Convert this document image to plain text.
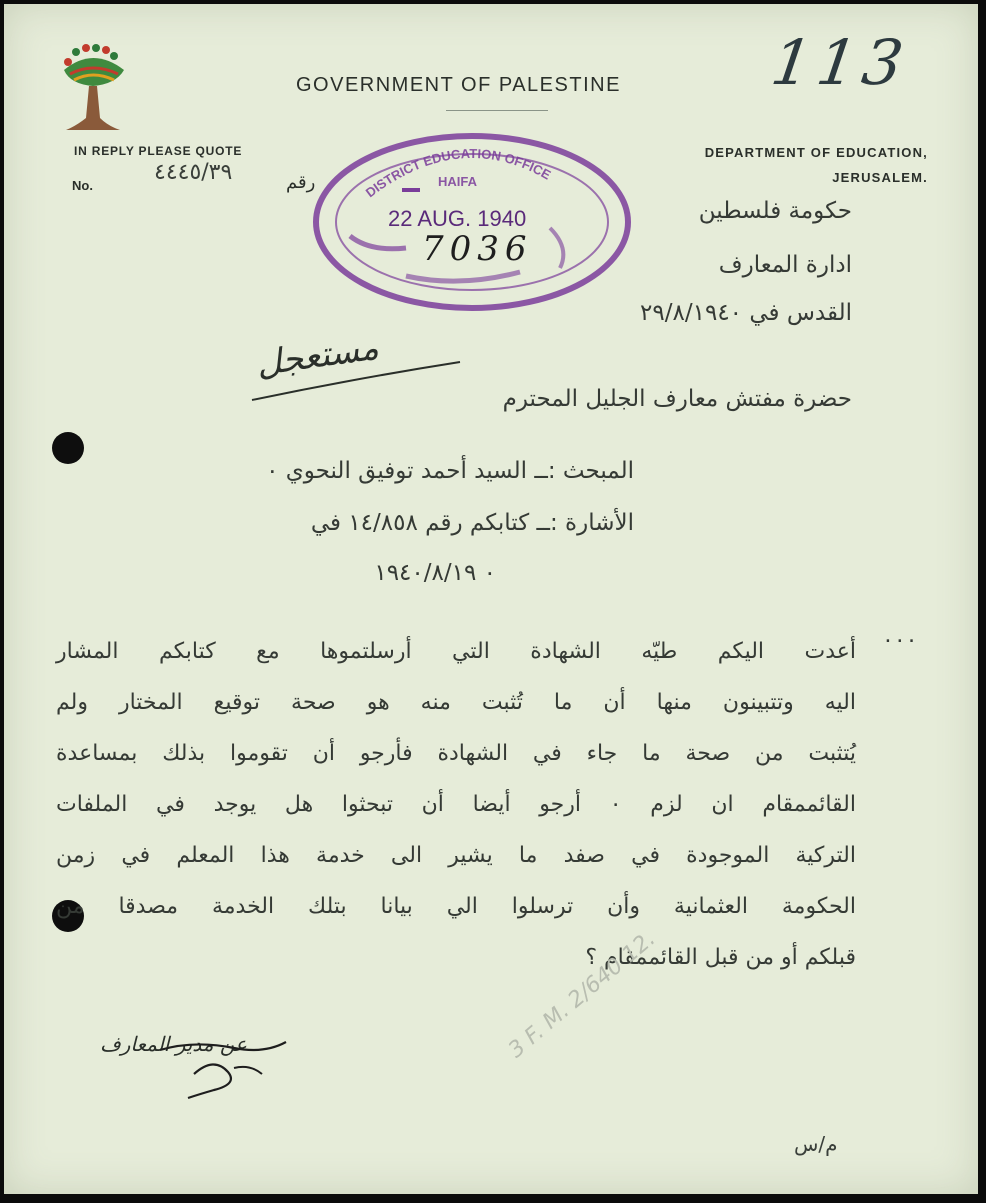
113
GOVERNMENT OF PALESTINE
IN REPLY PLEASE QUOTE
No.
٤٤٤٥/٣٩	رقم
DEPARTMENT OF EDUCATION,
JERUSALEM.
DISTRICT EDUCATION OFFICE
HAIFA
22 AUG. 1940
7036
حكومة فلسطين
ادارة المعارف
القدس في ٢٩/٨/١٩٤٠
مستعجل
حضرة مفتش معارف الجليل المحترم
المبحث :ــ السيد أحمد توفيق النحوي ٠
الأشارة :ــ كتابكم رقم ١٤/٨٥٨ في
٠ ١٩٤٠/٨/١٩
٠٠٠
أعدت اليكم طيّه الشهادة التي أرسلتموها مع كتابكم المشار
اليه وتتبينون منها أن ما تُثبت منه هو صحة توقيع المختار ولم
يُتثبت من صحة ما جاء في الشهادة فأرجو أن تقوموا بذلك بمساعدة
القائممقام ان لزم ٠ أرجو أيضا أن تبحثوا هل يوجد في الملفات
التركية الموجودة في صفد ما يشير الى خدمة هذا المعلم في زمن
الحكومة العثمانية وأن ترسلوا الي بيانا بتلك الخدمة مصدقا من
قبلكم أو من قبل القائممقام ؟
عن مدير المعارف	3 F. M. 2/640 12.
م/س
